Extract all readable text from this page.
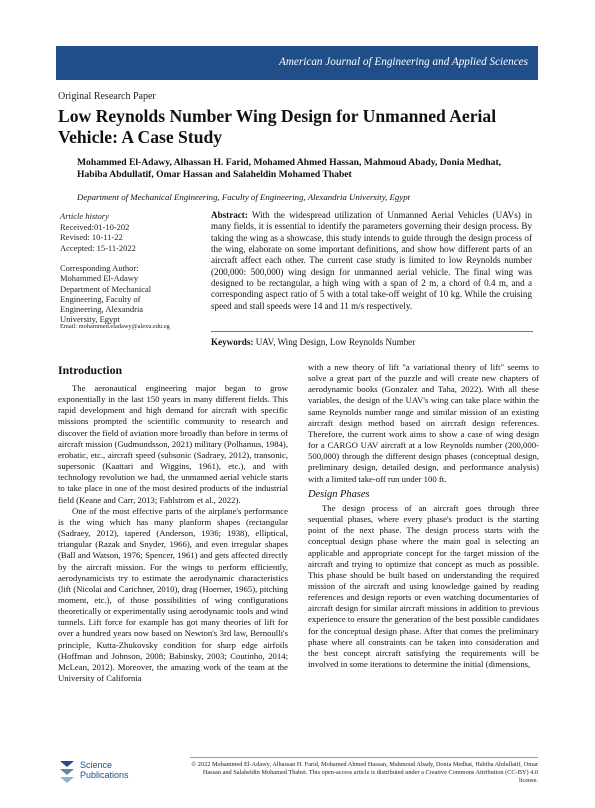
American Journal of Engineering and Applied Sciences
Original Research Paper
Low Reynolds Number Wing Design for Unmanned Aerial Vehicle: A Case Study
Mohammed El-Adawy, Alhassan H. Farid, Mohamed Ahmed Hassan, Mahmoud Abady, Donia Medhat, Habiba Abdullatif, Omar Hassan and Salaheldin Mohamed Thabet
Department of Mechanical Engineering, Faculty of Engineering, Alexandria University, Egypt
Article history
Received:01-10-202
Revised: 10-11-22
Accepted: 15-11-2022
Corresponding Author:
Mohammed El-Adawy
Department of Mechanical
Engineering, Faculty of
Engineering, Alexandria
University, Egypt
Email: mohammed.eladawy@alexu.edu.eg
Abstract: With the widespread utilization of Unmanned Aerial Vehicles (UAVs) in many fields, it is essential to identify the parameters governing their design process. By taking the wing as a showcase, this study intends to guide through the design process of the wing, elaborate on some important definitions, and show how different parts of an aircraft affect each other. The current case study is limited to low Reynolds number (200,000: 500,000) wing design for unmanned aerial vehicle. The final wing was designed to be rectangular, a high wing with a span of 2 m, a chord of 0.4 m, and a corresponding aspect ratio of 5 with a total take-off weight of 10 kg. While the cruising speed and stall speeds were 14 and 11 m/s respectively.
Keywords: UAV, Wing Design, Low Reynolds Number
Introduction

The aeronautical engineering major began to grow exponentially in the last 150 years in many different fields. This rapid development and high demand for aircraft with specific missions prompted the scientific community to research and discover the field of aviation more broadly than before in terms of aircraft mission (Gudmundsson, 2021) military (Polhamus, 1984), erobatic, etc., aircraft speed (subsonic (Sadraey, 2012), transonic, supersonic (Kaattari and Wiggins, 1961), etc.), and with technology revolution we had, the unmanned aerial vehicle starts to take place in one of the most desired products of the industrial field (Keane and Carr, 2013; Fahlstrom et al., 2022).

One of the most effective parts of the airplane's performance is the wing which has many planform shapes (rectangular (Sadraey, 2012), tapered (Anderson, 1936; 1938), elliptical, triangular (Razak and Snyder, 1966), and even irregular shapes (Ball and Watson, 1976; Spencer, 1961) and gets affected directly by the aircraft mission. For the wings to perform efficiently, aerodynamicists try to estimate the aerodynamic characteristics (lift (Nicolai and Carichner, 2010), drag (Hoerner, 1965), pitching moment, etc.), of those possibilities of wing configurations theoretically or experimentally using aerodynamic tools and wind tunnels. Lift force for example has got many theories of lift for over a hundred years now based on Newton's 3rd law, Bernoulli's principle, Kutta-Zhukovsky condition for sharp edge airfoils (Hoffman and Johnson, 2008; Babinsky, 2003; Coutinho, 2014; McLean, 2012). Moreover, the amazing work of the team at the University of California

with a new theory of lift "a variational theory of lift" seems to solve a great part of the puzzle and will create new chapters of aerodynamic books (Gonzalez and Taha, 2022). With all these variables, the design of the UAV's wing can take place within the same Reynolds number range and similar mission of an existing aircraft design method based on aircraft design references. Therefore, the current work aims to show a case of wing design for a CARGO UAV aircraft at a low Reynolds number (200,000-500,000) through the different design phases (conceptual design, preliminary design, detailed design, and performance analysis) with a limited take-off run under 100 ft.

Design Phases

The design process of an aircraft goes through three sequential phases, where every phase's product is the starting point of the next phase. The design process starts with the conceptual design phase where the main goal is selecting an applicable and appropriate concept for the target mission of the aircraft and trying to optimize that concept as much as possible. This phase should be built based on understanding the required mission of the aircraft and using knowledge gained by reading references and design reports or even watching documentaries of aircraft design for similar aircraft missions in addition to previous experience to ensure the generation of the best possible candidates for the conceptual design phase. After that comes the preliminary phase where all constraints can be taken into consideration and the best concept aircraft satisfying the requirements will be involved in some iterations to determine the initial (dimensions,

© 2022 Mohammed El-Adawy, Alhassan H. Farid, Mohamed Ahmed Hassan, Mahmoud Abady, Donia Medhat, Habiba Abdullatif, Omar Hassan and Salaheldin Mohamed Thabet. This open-access article is distributed under a Creative Commons Attribution (CC-BY) 4.0 license.
Science
Publications
